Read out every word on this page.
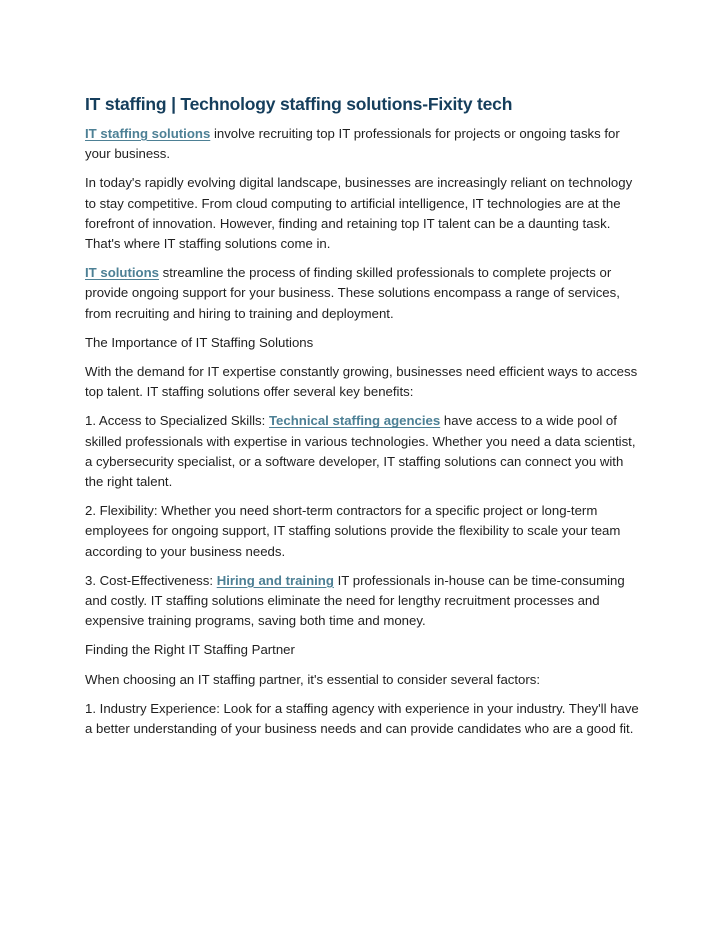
IT staffing | Technology staffing solutions-Fixity tech

IT staffing solutions involve recruiting top IT professionals for projects or ongoing tasks for your business.

In today's rapidly evolving digital landscape, businesses are increasingly reliant on technology to stay competitive. From cloud computing to artificial intelligence, IT technologies are at the forefront of innovation. However, finding and retaining top IT talent can be a daunting task. That's where IT staffing solutions come in.

IT solutions streamline the process of finding skilled professionals to complete projects or provide ongoing support for your business. These solutions encompass a range of services, from recruiting and hiring to training and deployment.

The Importance of IT Staffing Solutions

With the demand for IT expertise constantly growing, businesses need efficient ways to access top talent. IT staffing solutions offer several key benefits:

1. Access to Specialized Skills: Technical staffing agencies have access to a wide pool of skilled professionals with expertise in various technologies. Whether you need a data scientist, a cybersecurity specialist, or a software developer, IT staffing solutions can connect you with the right talent.

2. Flexibility: Whether you need short-term contractors for a specific project or long-term employees for ongoing support, IT staffing solutions provide the flexibility to scale your team according to your business needs.

3. Cost-Effectiveness: Hiring and training IT professionals in-house can be time-consuming and costly. IT staffing solutions eliminate the need for lengthy recruitment processes and expensive training programs, saving both time and money.

Finding the Right IT Staffing Partner

When choosing an IT staffing partner, it's essential to consider several factors:

1. Industry Experience: Look for a staffing agency with experience in your industry. They'll have a better understanding of your business needs and can provide candidates who are a good fit.
